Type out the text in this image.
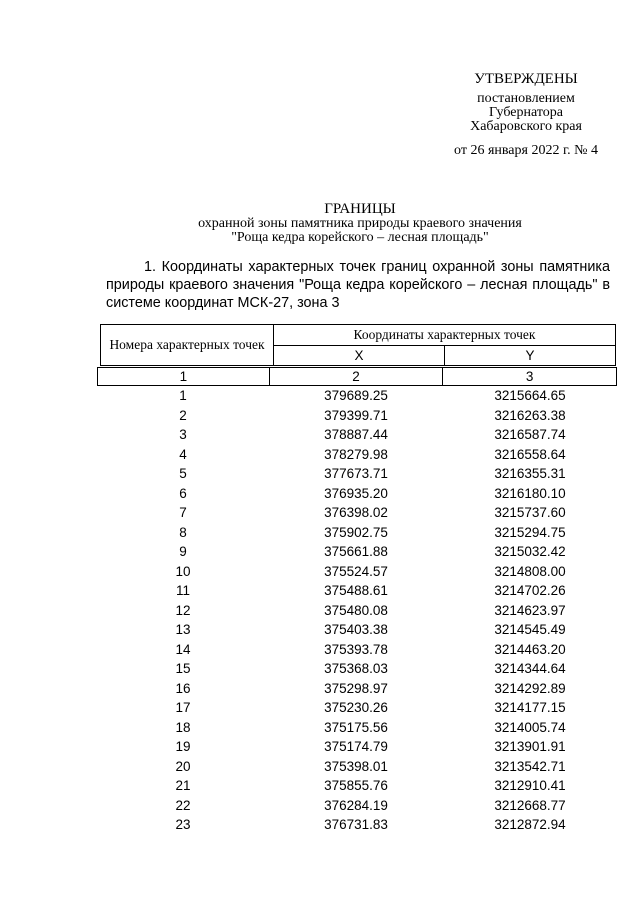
УТВЕРЖДЕНЫ
постановлением
Губернатора
Хабаровского края
от 26 января 2022 г. № 4
ГРАНИЦЫ
охранной зоны памятника природы краевого значения
"Роща кедра корейского – лесная площадь"
1. Координаты характерных точек границ охранной зоны памятника природы краевого значения "Роща кедра корейского – лесная площадь" в системе координат МСК-27, зона 3
Номера характерных точек	Координаты характерных точек	
	X	Y
1	2	3
1	379689.25	3215664.65
2	379399.71	3216263.38
3	378887.44	3216587.74
4	378279.98	3216558.64
5	377673.71	3216355.31
6	376935.20	3216180.10
7	376398.02	3215737.60
8	375902.75	3215294.75
9	375661.88	3215032.42
10	375524.57	3214808.00
11	375488.61	3214702.26
12	375480.08	3214623.97
13	375403.38	3214545.49
14	375393.78	3214463.20
15	375368.03	3214344.64
16	375298.97	3214292.89
17	375230.26	3214177.15
18	375175.56	3214005.74
19	375174.79	3213901.91
20	375398.01	3213542.71
21	375855.76	3212910.41
22	376284.19	3212668.77
23	376731.83	3212872.94
